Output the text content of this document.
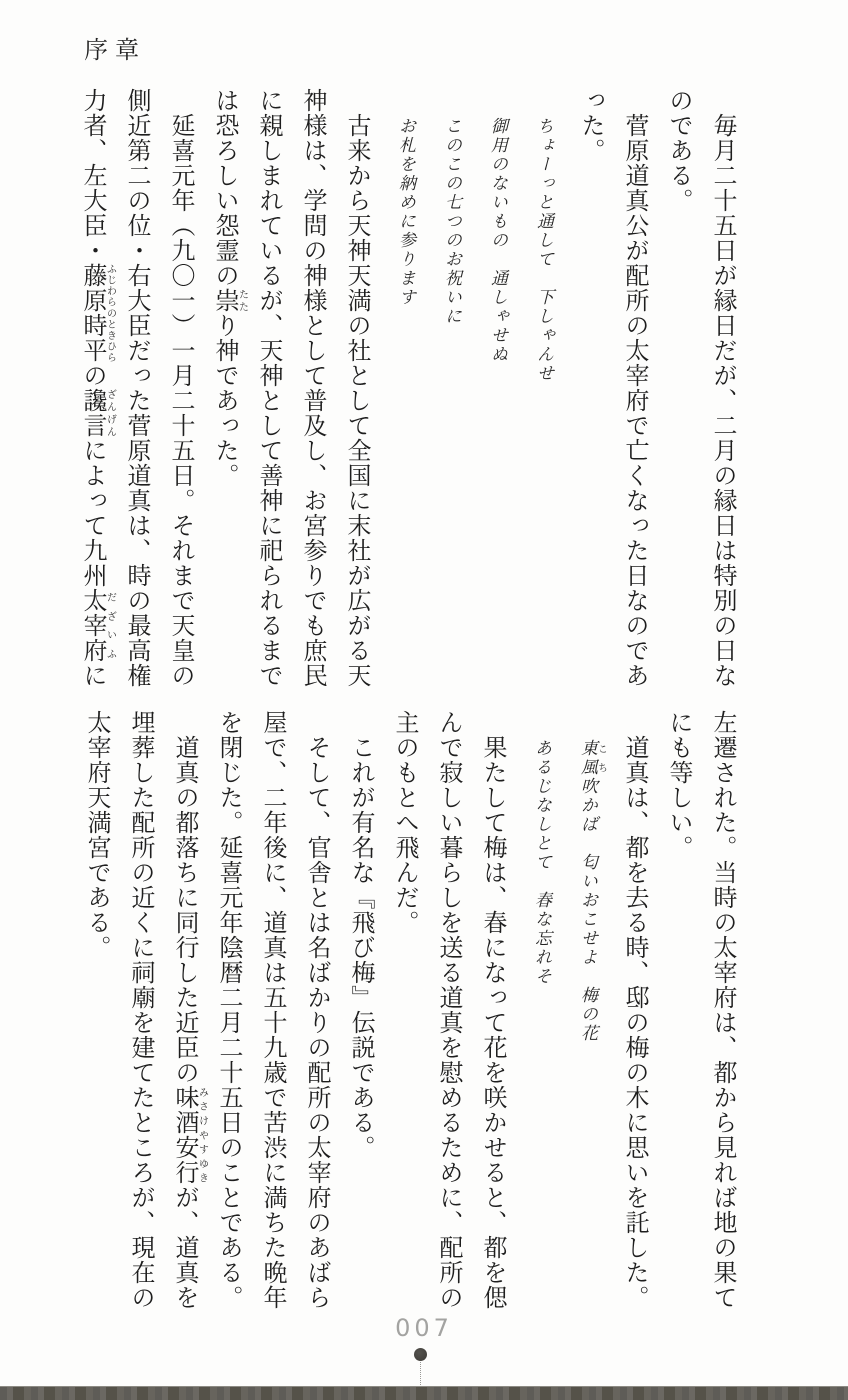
序章
　毎月二十五日が縁日だが、二月の縁日は特別の日な
のである。
　菅原道真公が配所の太宰府で亡くなった日なのであ
った。
　ちょーっと通して　下しゃんせ
　御用のないもの　通しゃせぬ
　このこの七つのお祝いに
　お札を納めに参ります
　古来から天神天満の社として全国に末社が広がる天
神様は、学問の神様として普及し、お宮参りでも庶民
に親しまれているが、天神として善神に祀られるまで
は恐ろしい怨霊の祟たたり神であった。
　延喜元年（九〇一）一月二十五日。それまで天皇の
側近第二の位・右大臣だった菅原道真は、時の最高権
力者、左大臣・藤原時平ふじわらのときひらの讒言ざんげんによって九州太宰府だざいふに
左遷された。当時の太宰府は、都から見れば地の果て
にも等しい。
　道真は、都を去る時、邸の梅の木に思いを託した。
　東風こち吹かば　匂いおこせよ　梅の花
　あるじなしとて　春な忘れそ
　果たして梅は、春になって花を咲かせると、都を偲
んで寂しい暮らしを送る道真を慰めるために、配所の
主のもとへ飛んだ。
　これが有名な『飛び梅』伝説である。
　そして、官舎とは名ばかりの配所の太宰府のあばら
屋で、二年後に、道真は五十九歳で苦渋に満ちた晩年
を閉じた。延喜元年陰暦二月二十五日のことである。
　道真の都落ちに同行した近臣の味酒安行みさけやすゆきが、道真を
埋葬した配所の近くに祠廟を建てたところが、現在の
太宰府天満宮である。
007
